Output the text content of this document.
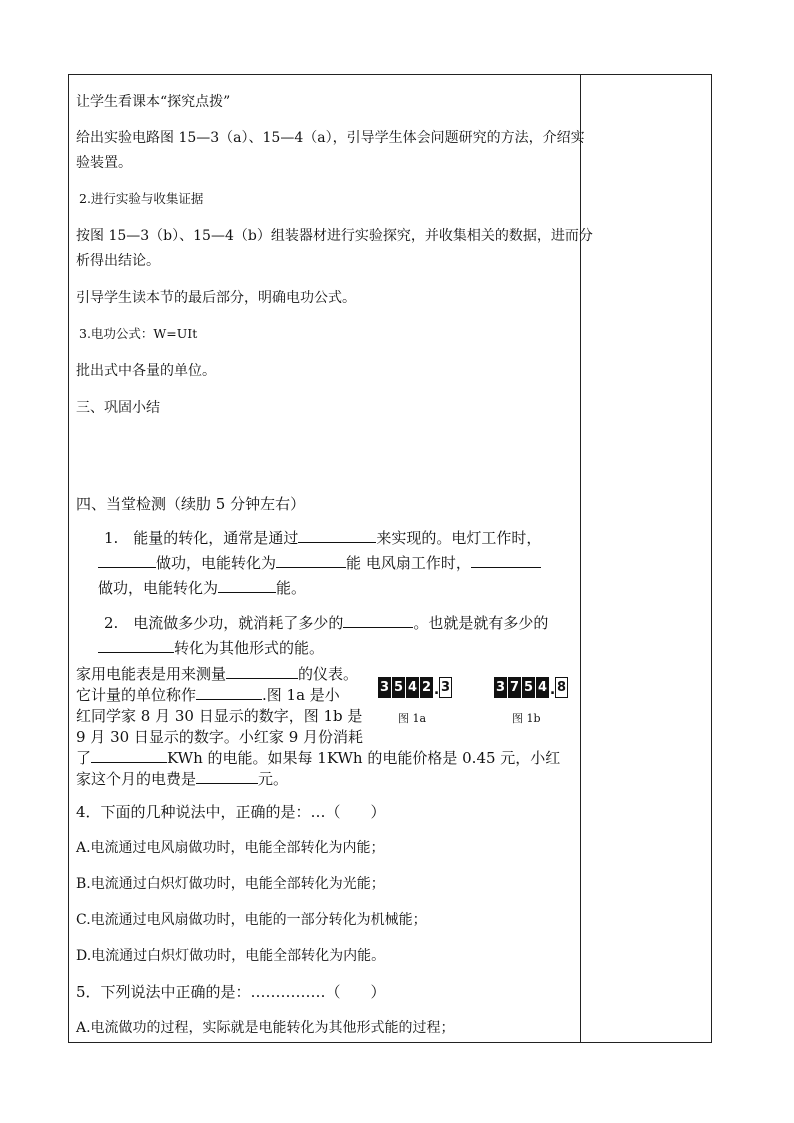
让学生看课本“探究点拨”
给出实验电路图 15—3（a）、15—4（a），引导学生体会问题研究的方法，介绍实
验装置。
2.进行实验与收集证据
按图 15—3（b）、15—4（b）组装器材进行实验探究，并收集相关的数据，进而分
析得出结论。
引导学生读本节的最后部分，明确电功公式。
3.电功公式：W=UIt
批出式中各量的单位。
三、巩固小结
四、当堂检测（续肋 5 分钟左右）
1.　能量的转化，通常是通过	来实现的。电灯工作时，
做功，电能转化为	能 电风扇工作时，
做功，电能转化为	能。
2.　电流做多少功，就消耗了多少的	。也就是就有多少的
转化为其他形式的能。
家用电能表是用来测量	的仪表。
它计量的单位称作	.图 1a 是小
红同学家 8 月 30 日显示的数字，图 1b 是
9 月 30 日显示的数字。小红家 9 月份消耗
了	KWh 的电能。如果每 1KWh 的电能价格是 0.45 元，小红
家这个月的电费是	元。
3 5 4 2 . 3
图 1a
3 7 5 4 . 8
图 1b
4．下面的几种说法中，正确的是：…（　　）
A.电流通过电风扇做功时，电能全部转化为内能；
B.电流通过白炽灯做功时，电能全部转化为光能；
C.电流通过电风扇做功时，电能的一部分转化为机械能；
D.电流通过白炽灯做功时，电能全部转化为内能。
5．下列说法中正确的是：……………（　　）
A.电流做功的过程，实际就是电能转化为其他形式能的过程；
